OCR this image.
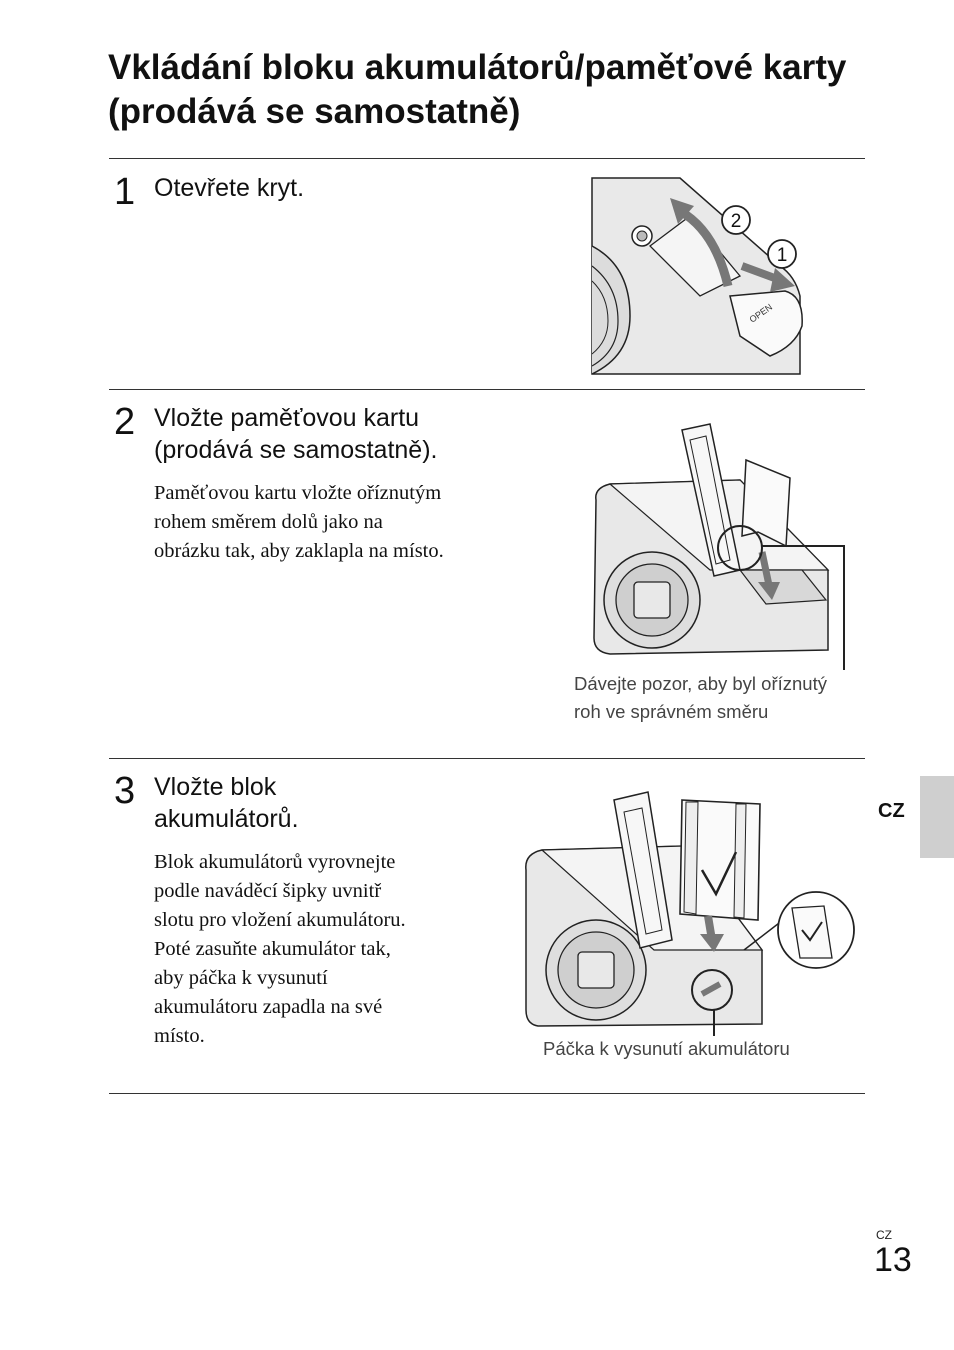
Vkládání bloku akumulátorů/paměťové karty (prodává se samostatně)
1 Otevřete kryt.
OPEN
2
1
2 Vložte paměťovou kartu
(prodává se samostatně).
Paměťovou kartu vložte oříznutým
rohem směrem dolů jako na
obrázku tak, aby zaklapla na místo.
Dávejte pozor, aby byl oříznutý
roh ve správném směru
3 Vložte blok
akumulátorů.
Blok akumulátorů vyrovnejte
podle naváděcí šipky uvnitř
slotu pro vložení akumulátoru.
Poté zasuňte akumulátor tak,
aby páčka k vysunutí
akumulátoru zapadla na své
místo.
Páčka k vysunutí akumulátoru
CZ
CZ
13
